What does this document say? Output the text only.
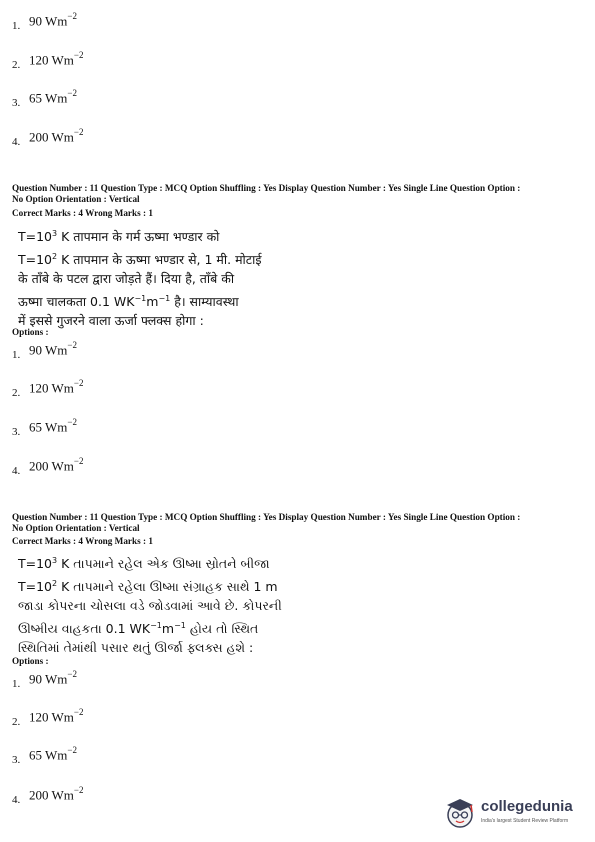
1. 90 $Wm^{-2}$
2. 120 $Wm^{-2}$
3. 65 $Wm^{-2}$
4. 200 $Wm^{-2}$
Question Number : 11 Question Type : MCQ Option Shuffling : Yes Display Question Number : Yes Single Line Question Option :
No Option Orientation : Vertical
Correct Marks : 4 Wrong Marks : 1
$T=10^3$ K तापमान के गर्म ऊष्मा भण्डार को
$T=10^2$ K तापमान के ऊष्मा भण्डार से, 1 मी. मोटाई
के ताँबे के पटल द्वारा जोड़ते हैं। दिया है, ताँबे की
ऊष्मा चालकता 0.1 $WK^{-1}m^{-1}$ है। साम्यावस्था
में इससे गुजरने वाला ऊर्जा फ्लक्स होगा :
Options :
1. 90 $Wm^{-2}$
2. 120 $Wm^{-2}$
3. 65 $Wm^{-2}$
4. 200 $Wm^{-2}$
Question Number : 11 Question Type : MCQ Option Shuffling : Yes Display Question Number : Yes Single Line Question Option :
No Option Orientation : Vertical
Correct Marks : 4 Wrong Marks : 1
$T=10^3$ K તાપમાને રહેલ એક ઊષ્મા સ્રોતને બીજા
$T=10^2$ K તાપમાને રહેલા ઊષ્મા સંગ્રાહક સાથે 1 m
જાડા કોપરના ચોસલા વડે જોડવામાં આવે છે. કોપરની
ઊષ્મીય વાહકતા 0.1 $WK^{-1}m^{-1}$ હોય તો સ્થિત
સ્થિતિમાં તેમાંથી પસાર થતું ઊર્જા ફ્લક્સ હશે :
Options :
1. 90 $Wm^{-2}$
2. 120 $Wm^{-2}$
3. 65 $Wm^{-2}$
4. 200 $Wm^{-2}$
collegedunia
India's largest Student Review Platform
